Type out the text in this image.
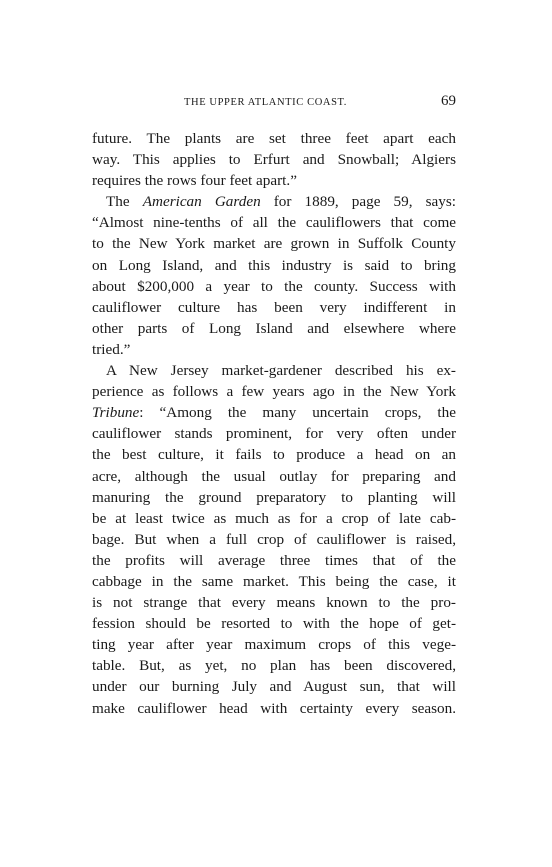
THE UPPER ATLANTIC COAST.	69
future. The plants are set three feet apart each
way. This applies to Erfurt and Snowball; Algiers
requires the rows four feet apart.”
The American Garden for 1889, page 59, says:
“Almost nine-tenths of all the cauliflowers that come
to the New York market are grown in Suffolk County
on Long Island, and this industry is said to bring
about $200,000 a year to the county. Success with
cauliflower culture has been very indifferent in
other parts of Long Island and elsewhere where
tried.”
A New Jersey market-gardener described his ex-
perience as follows a few years ago in the New York
Tribune: “Among the many uncertain crops, the
cauliflower stands prominent, for very often under
the best culture, it fails to produce a head on an
acre, although the usual outlay for preparing and
manuring the ground preparatory to planting will
be at least twice as much as for a crop of late cab-
bage. But when a full crop of cauliflower is raised,
the profits will average three times that of the
cabbage in the same market. This being the case, it
is not strange that every means known to the pro-
fession should be resorted to with the hope of get-
ting year after year maximum crops of this vege-
table. But, as yet, no plan has been discovered,
under our burning July and August sun, that will
make cauliflower head with certainty every season.
